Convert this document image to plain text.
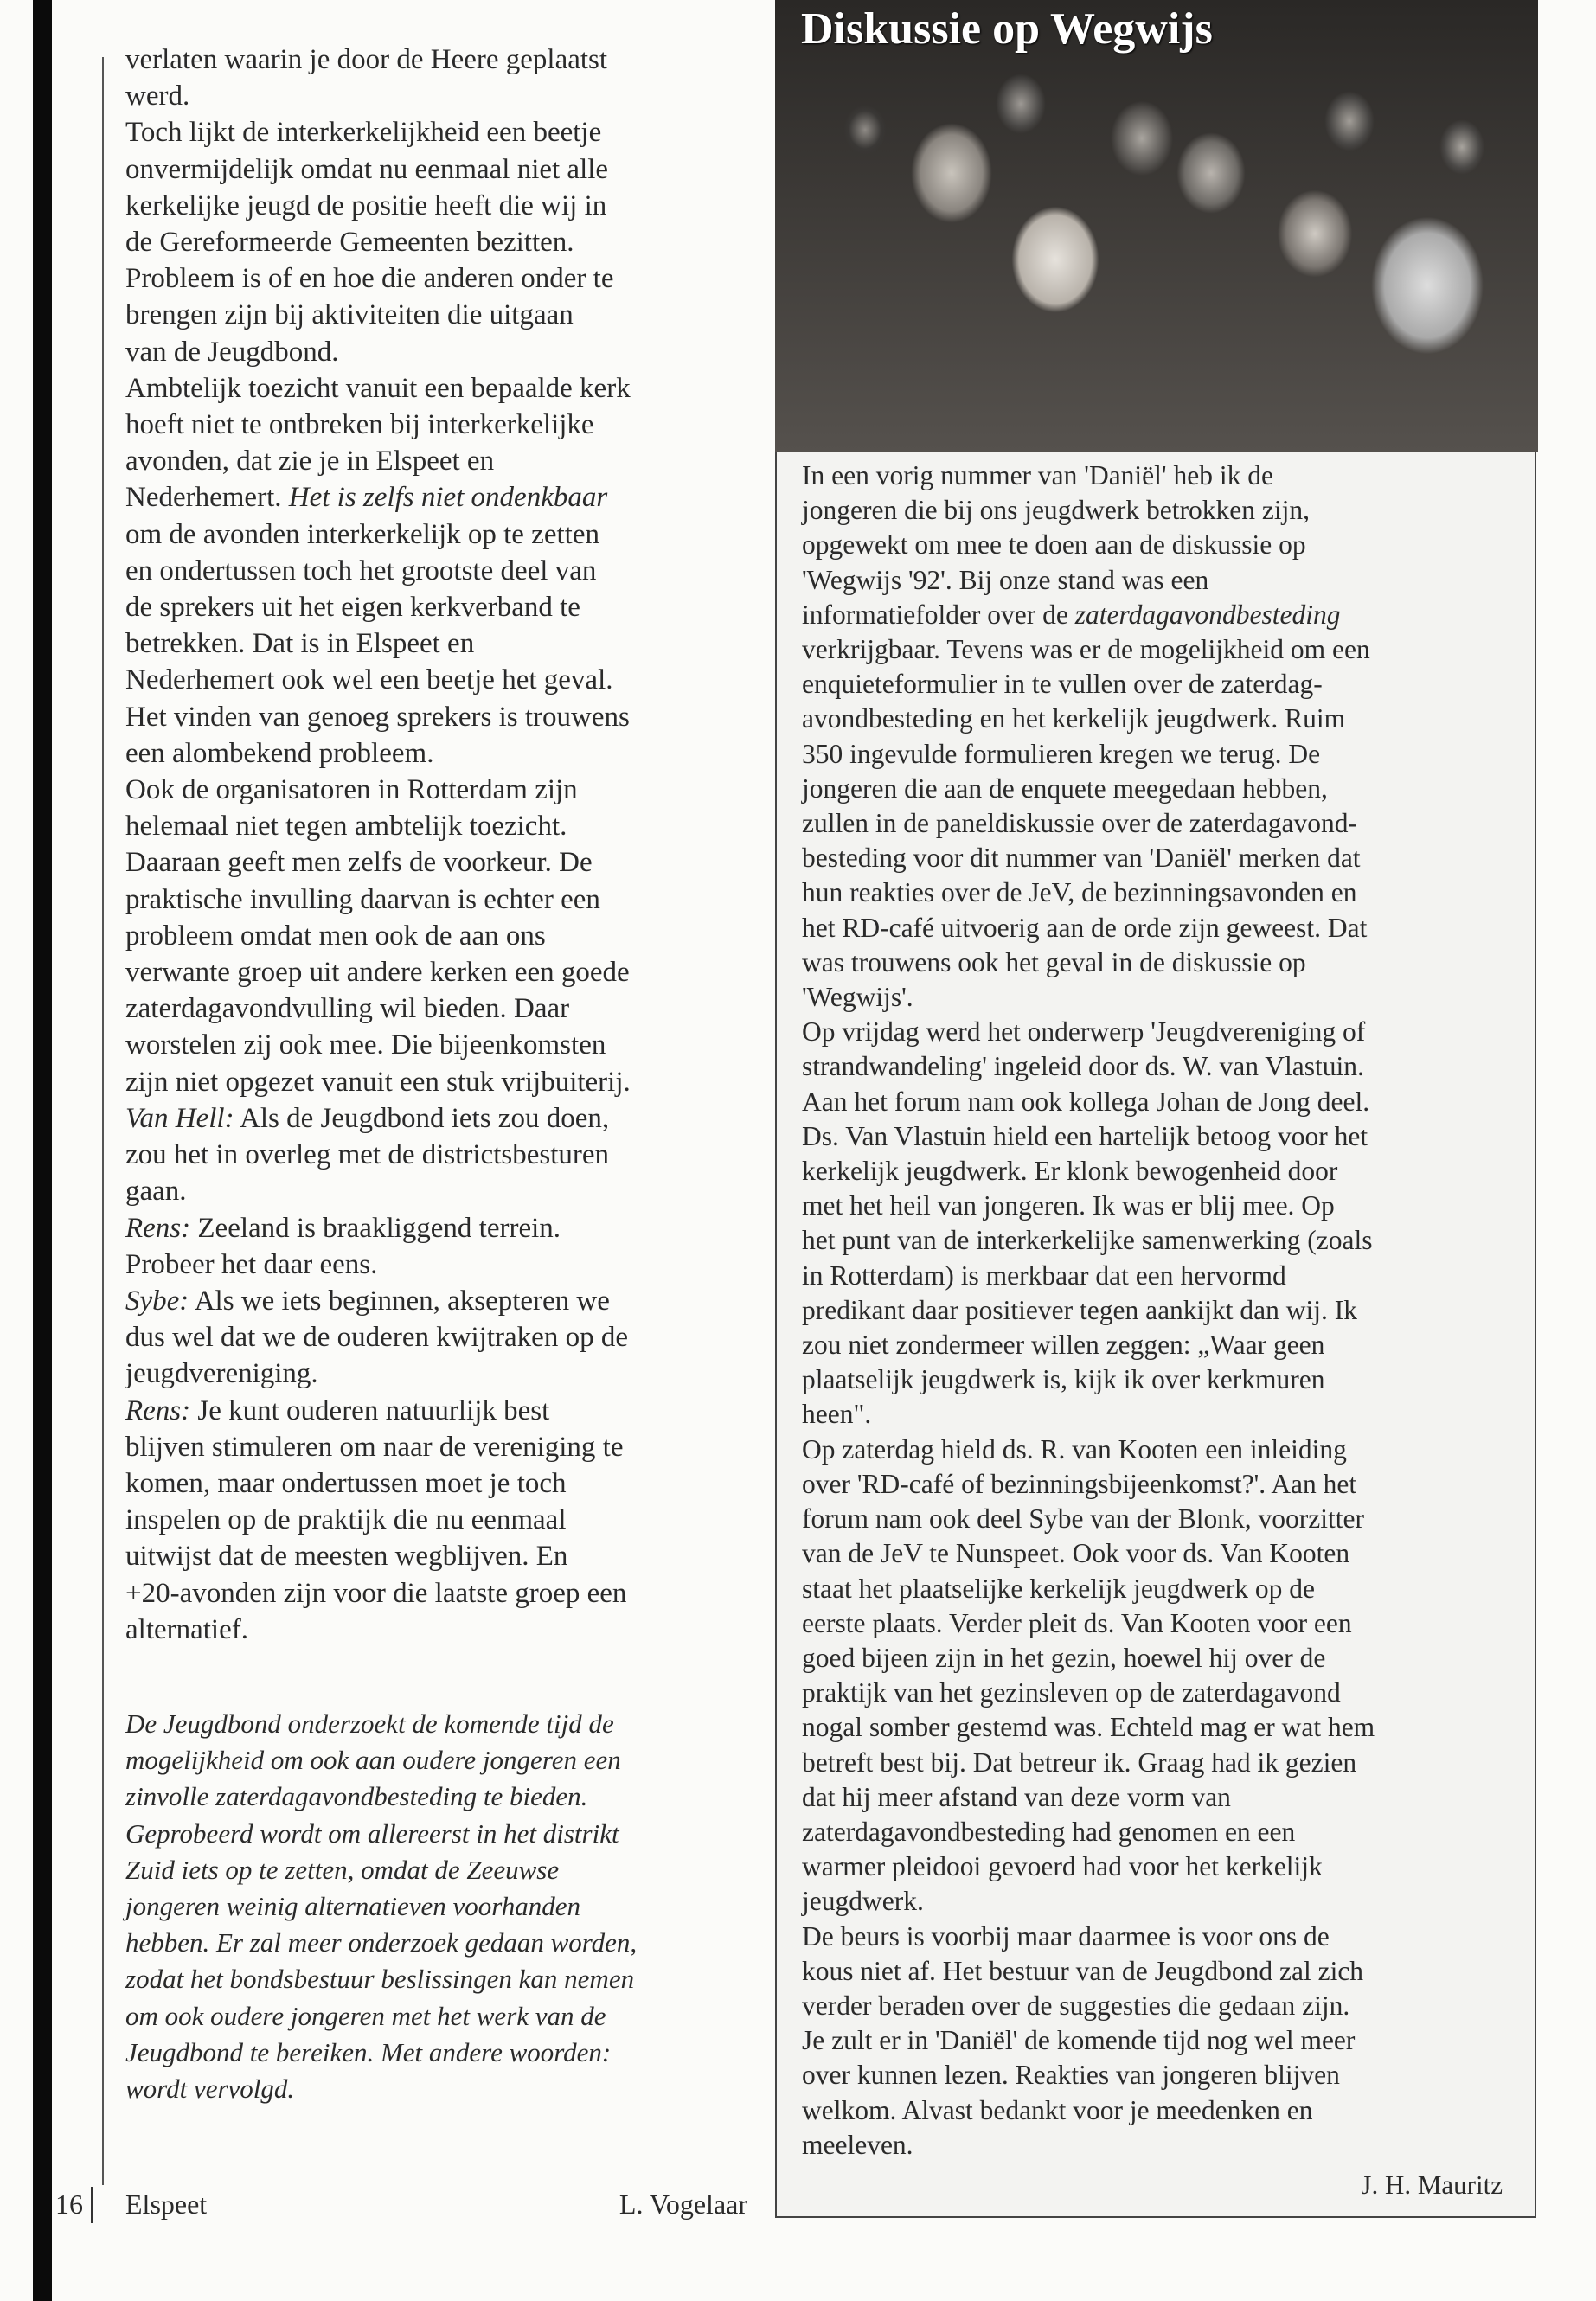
verlaten waarin je door de Heere geplaatst
werd.
Toch lijkt de interkerkelijkheid een beetje
onvermijdelijk omdat nu eenmaal niet alle
kerkelijke jeugd de positie heeft die wij in
de Gereformeerde Gemeenten bezitten.
Probleem is of en hoe die anderen onder te
brengen zijn bij aktiviteiten die uitgaan
van de Jeugdbond.
Ambtelijk toezicht vanuit een bepaalde kerk
hoeft niet te ontbreken bij interkerkelijke
avonden, dat zie je in Elspeet en
Nederhemert. Het is zelfs niet ondenkbaar
om de avonden interkerkelijk op te zetten
en ondertussen toch het grootste deel van
de sprekers uit het eigen kerkverband te
betrekken. Dat is in Elspeet en
Nederhemert ook wel een beetje het geval.
Het vinden van genoeg sprekers is trouwens
een alombekend probleem.
Ook de organisatoren in Rotterdam zijn
helemaal niet tegen ambtelijk toezicht.
Daaraan geeft men zelfs de voorkeur. De
praktische invulling daarvan is echter een
probleem omdat men ook de aan ons
verwante groep uit andere kerken een goede
zaterdagavondvulling wil bieden. Daar
worstelen zij ook mee. Die bijeenkomsten
zijn niet opgezet vanuit een stuk vrijbuiterij.
Van Hell: Als de Jeugdbond iets zou doen,
zou het in overleg met de districtsbesturen
gaan.
Rens: Zeeland is braakliggend terrein.
Probeer het daar eens.
Sybe: Als we iets beginnen, aksepteren we
dus wel dat we de ouderen kwijtraken op de
jeugdvereniging.
Rens: Je kunt ouderen natuurlijk best
blijven stimuleren om naar de vereniging te
komen, maar ondertussen moet je toch
inspelen op de praktijk die nu eenmaal
uitwijst dat de meesten wegblijven. En
+20-avonden zijn voor die laatste groep een
alternatief.
De Jeugdbond onderzoekt de komende tijd de
mogelijkheid om ook aan oudere jongeren een
zinvolle zaterdagavondbesteding te bieden.
Geprobeerd wordt om allereerst in het distrikt
Zuid iets op te zetten, omdat de Zeeuwse
jongeren weinig alternatieven voorhanden
hebben. Er zal meer onderzoek gedaan worden,
zodat het bondsbestuur beslissingen kan nemen
om ook oudere jongeren met het werk van de
Jeugdbond te bereiken. Met andere woorden:
wordt vervolgd.
Diskussie op Wegwijs
In een vorig nummer van 'Daniël' heb ik de
jongeren die bij ons jeugdwerk betrokken zijn,
opgewekt om mee te doen aan de diskussie op
'Wegwijs '92'. Bij onze stand was een
informatiefolder over de zaterdagavondbesteding
verkrijgbaar. Tevens was er de mogelijkheid om een
enquieteformulier in te vullen over de zaterdag-
avondbesteding en het kerkelijk jeugdwerk. Ruim
350 ingevulde formulieren kregen we terug. De
jongeren die aan de enquete meegedaan hebben,
zullen in de paneldiskussie over de zaterdagavond-
besteding voor dit nummer van 'Daniël' merken dat
hun reakties over de JeV, de bezinningsavonden en
het RD-café uitvoerig aan de orde zijn geweest. Dat
was trouwens ook het geval in de diskussie op
'Wegwijs'.
Op vrijdag werd het onderwerp 'Jeugdvereniging of
strandwandeling' ingeleid door ds. W. van Vlastuin.
Aan het forum nam ook kollega Johan de Jong deel.
Ds. Van Vlastuin hield een hartelijk betoog voor het
kerkelijk jeugdwerk. Er klonk bewogenheid door
met het heil van jongeren. Ik was er blij mee. Op
het punt van de interkerkelijke samenwerking (zoals
in Rotterdam) is merkbaar dat een hervormd
predikant daar positiever tegen aankijkt dan wij. Ik
zou niet zondermeer willen zeggen: „Waar geen
plaatselijk jeugdwerk is, kijk ik over kerkmuren
heen".
Op zaterdag hield ds. R. van Kooten een inleiding
over 'RD-café of bezinningsbijeenkomst?'. Aan het
forum nam ook deel Sybe van der Blonk, voorzitter
van de JeV te Nunspeet. Ook voor ds. Van Kooten
staat het plaatselijke kerkelijk jeugdwerk op de
eerste plaats. Verder pleit ds. Van Kooten voor een
goed bijeen zijn in het gezin, hoewel hij over de
praktijk van het gezinsleven op de zaterdagavond
nogal somber gestemd was. Echteld mag er wat hem
betreft best bij. Dat betreur ik. Graag had ik gezien
dat hij meer afstand van deze vorm van
zaterdagavondbesteding had genomen en een
warmer pleidooi gevoerd had voor het kerkelijk
jeugdwerk.
De beurs is voorbij maar daarmee is voor ons de
kous niet af. Het bestuur van de Jeugdbond zal zich
verder beraden over de suggesties die gedaan zijn.
Je zult er in 'Daniël' de komende tijd nog wel meer
over kunnen lezen. Reakties van jongeren blijven
welkom. Alvast bedankt voor je meedenken en
meeleven.
J. H. Mauritz
16 Elspeet	L. Vogelaar
